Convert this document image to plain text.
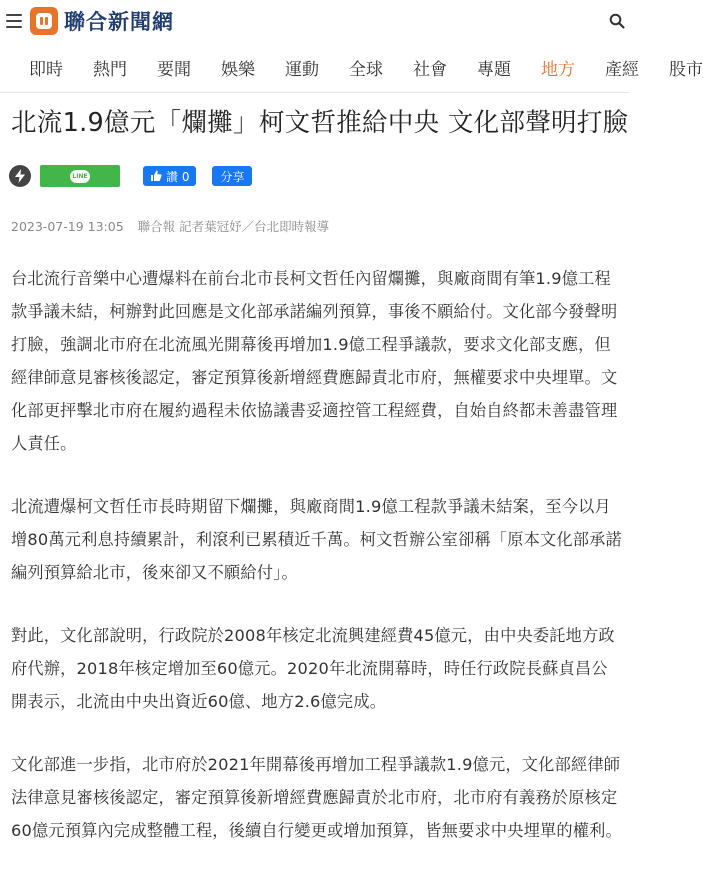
聯合新聞網
即時 熱門 要聞 娛樂 運動 全球 社會 專題 地方 產經 股市
北流1.9億元「爛攤」柯文哲推給中央 文化部聲明打臉
LINE	讚 0	分享
2023-07-19 13:05 聯合報 記者葉冠妤／台北即時報導

台北流行音樂中心遭爆料在前台北市長柯文哲任內留爛攤，與廠商間有筆1.9億工程款爭議未結，柯辦對此回應是文化部承諾編列預算，事後不願給付。文化部今發聲明打臉，強調北市府在北流風光開幕後再增加1.9億工程爭議款，要求文化部支應，但經律師意見審核後認定，審定預算後新增經費應歸責北市府，無權要求中央埋單。文化部更抨擊北市府在履約過程未依協議書妥適控管工程經費，自始自終都未善盡管理人責任。

北流遭爆柯文哲任市長時期留下爛攤，與廠商間1.9億工程款爭議未結案，至今以月增80萬元利息持續累計，利滾利已累積近千萬。柯文哲辦公室卻稱「原本文化部承諾編列預算給北市，後來卻又不願給付」。

對此，文化部說明，行政院於2008年核定北流興建經費45億元，由中央委託地方政府代辦，2018年核定增加至60億元。2020年北流開幕時，時任行政院長蘇貞昌公開表示，北流由中央出資近60億、地方2.6億完成。

文化部進一步指，北市府於2021年開幕後再增加工程爭議款1.9億元，文化部經律師法律意見審核後認定，審定預算後新增經費應歸責於北市府，北市府有義務於原核定60億元預算內完成整體工程，後續自行變更或增加預算，皆無要求中央埋單的權利。
